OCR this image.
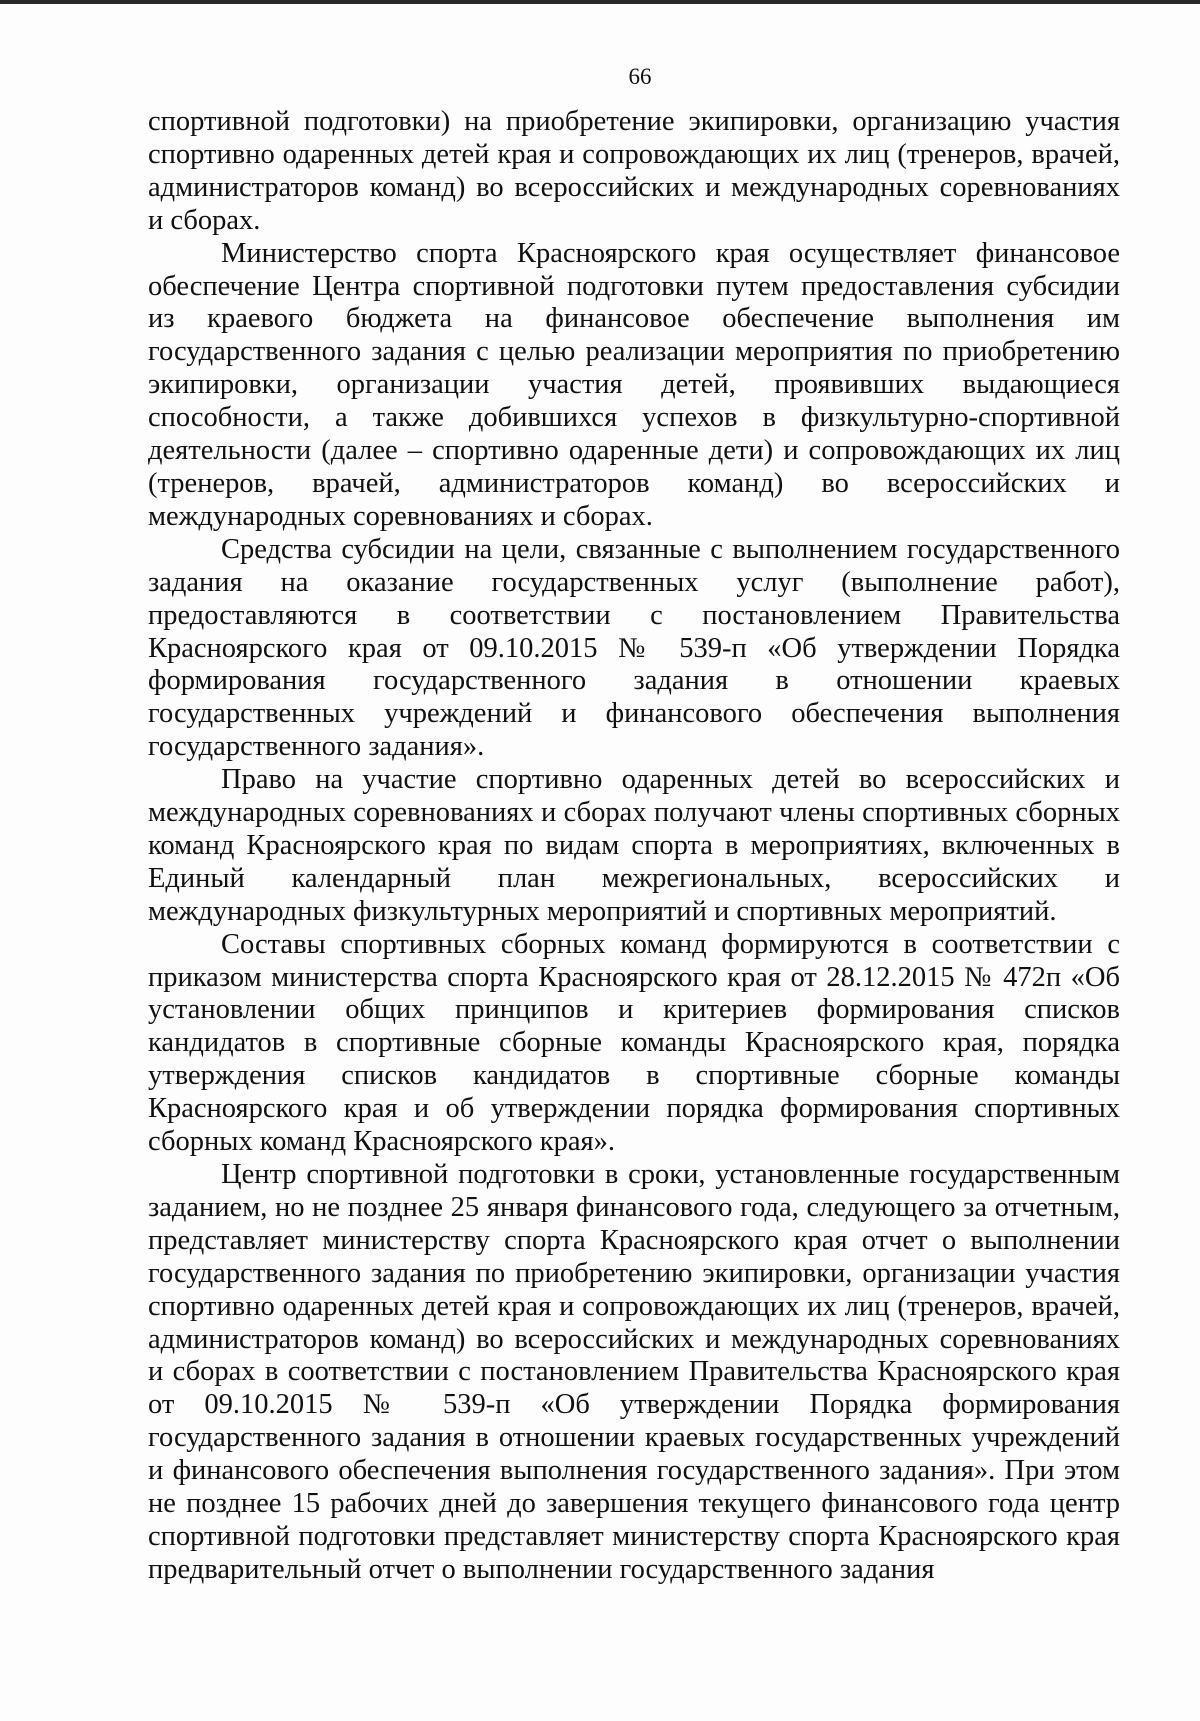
66

спортивной подготовки) на приобретение экипировки, организацию участия спортивно одаренных детей края и сопровождающих их лиц (тренеров, врачей, администраторов команд) во всероссийских и международных соревнованиях и сборах.

Министерство спорта Красноярского края осуществляет финансовое обеспечение Центра спортивной подготовки путем предоставления субсидии из краевого бюджета на финансовое обеспечение выполнения им государственного задания с целью реализации мероприятия по приобретению экипировки, организации участия детей, проявивших выдающиеся способности, а также добившихся успехов в физкультурно-спортивной деятельности (далее – спортивно одаренные дети) и сопровождающих их лиц (тренеров, врачей, администраторов команд) во всероссийских и международных соревнованиях и сборах.

Средства субсидии на цели, связанные с выполнением государственного задания на оказание государственных услуг (выполнение работ), предоставляются в соответствии с постановлением Правительства Красноярского края от 09.10.2015 № 539-п «Об утверждении Порядка формирования государственного задания в отношении краевых государственных учреждений и финансового обеспечения выполнения государственного задания».

Право на участие спортивно одаренных детей во всероссийских и международных соревнованиях и сборах получают члены спортивных сборных команд Красноярского края по видам спорта в мероприятиях, включенных в Единый календарный план межрегиональных, всероссийских и международных физкультурных мероприятий и спортивных мероприятий.

Составы спортивных сборных команд формируются в соответствии с приказом министерства спорта Красноярского края от 28.12.2015 № 472п «Об установлении общих принципов и критериев формирования списков кандидатов в спортивные сборные команды Красноярского края, порядка утверждения списков кандидатов в спортивные сборные команды Красноярского края и об утверждении порядка формирования спортивных сборных команд Красноярского края».

Центр спортивной подготовки в сроки, установленные государственным заданием, но не позднее 25 января финансового года, следующего за отчетным, представляет министерству спорта Красноярского края отчет о выполнении государственного задания по приобретению экипировки, организации участия спортивно одаренных детей края и сопровождающих их лиц (тренеров, врачей, администраторов команд) во всероссийских и международных соревнованиях и сборах в соответствии с постановлением Правительства Красноярского края от 09.10.2015 № 539-п «Об утверждении Порядка формирования государственного задания в отношении краевых государственных учреждений и финансового обеспечения выполнения государственного задания». При этом не позднее 15 рабочих дней до завершения текущего финансового года центр спортивной подготовки представляет министерству спорта Красноярского края предварительный отчет о выполнении государственного задания
